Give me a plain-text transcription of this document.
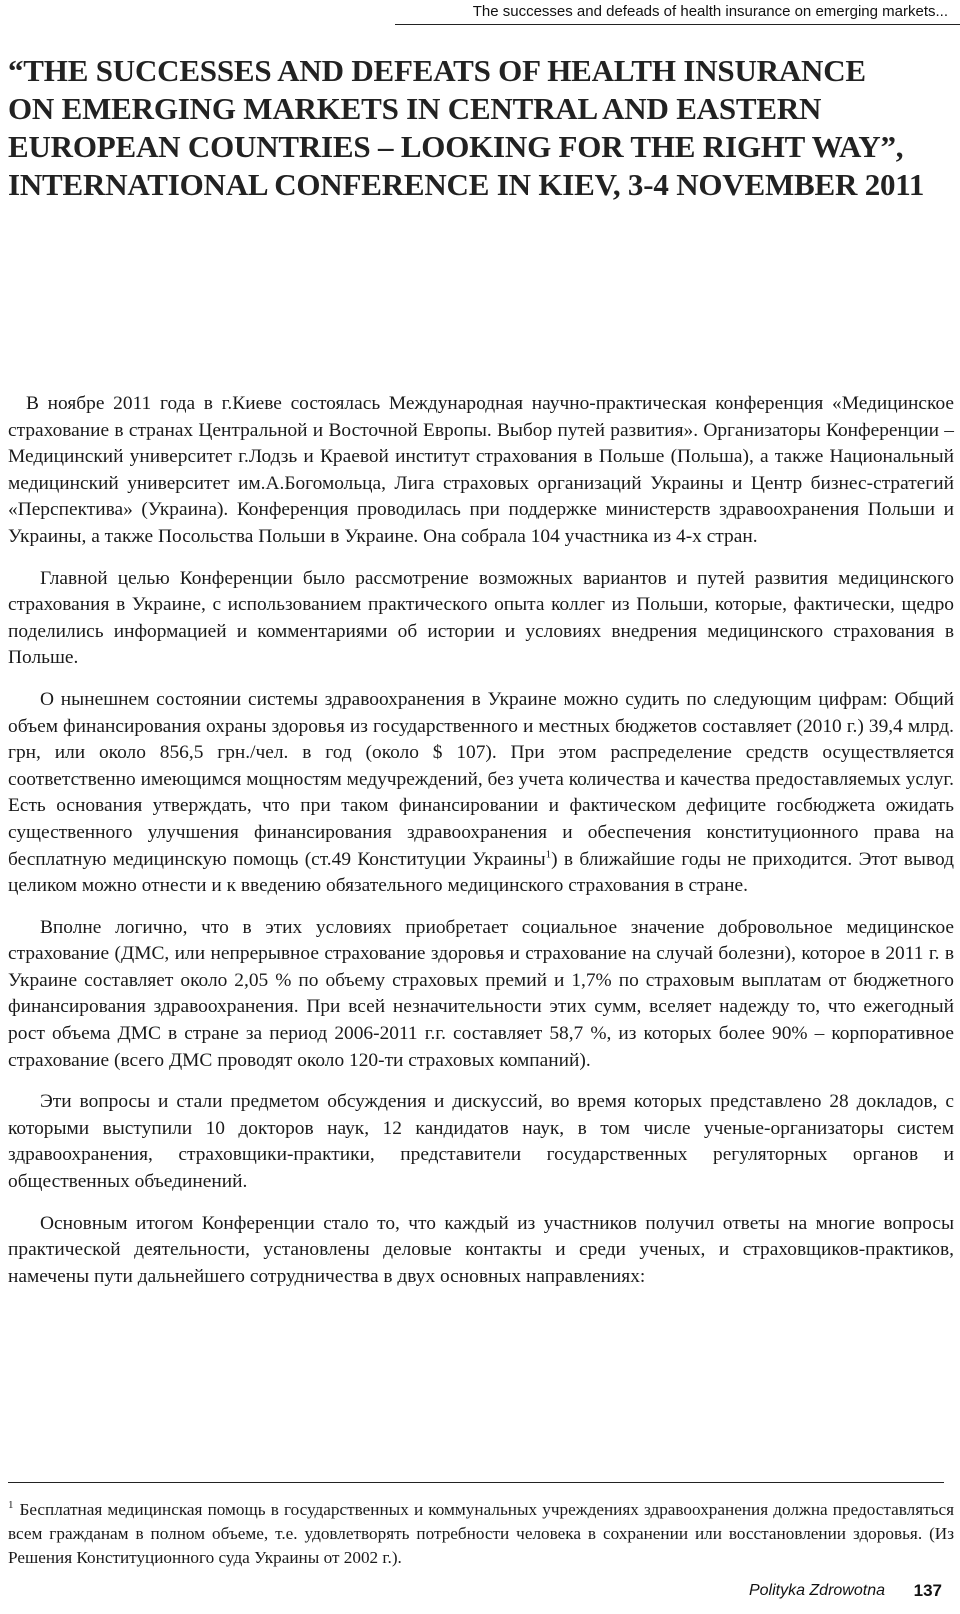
The successes and defeads of health insurance on emerging markets...
“THE SUCCESSES AND DEFEATS OF HEALTH INSURANCE
ON EMERGING MARKETS IN CENTRAL AND EASTERN
EUROPEAN COUNTRIES – LOOKING FOR THE RIGHT WAY”,
INTERNATIONAL CONFERENCE IN KIEV, 3-4 NOVEMBER 2011

В ноябре 2011 года в г.Киеве состоялась Международная научно-практическая конференция «Медицинское страхование в странах Центральной и Восточной Европы. Выбор путей развития». Организаторы Конференции – Медицинский университет г.Лодзь и Краевой институт страхования в Польше (Польша), а также Национальный медицинский университет им.А.Богомольца, Лига страховых организаций Украины и Центр бизнес-стратегий «Перспектива» (Украина). Конференция проводилась при поддержке министерств здравоохранения Польши и Украины, а также Посольства Польши в Украине. Она собрала 104 участника из 4-х стран.

Главной целью Конференции было рассмотрение возможных вариантов и путей развития медицинского страхования в Украине, с использованием практического опыта коллег из Польши, которые, фактически, щедро поделились информацией и комментариями об истории и условиях внедрения медицинского страхования в Польше.

О нынешнем состоянии системы здравоохранения в Украине можно судить по следующим цифрам: Общий объем финансирования охраны здоровья из государственного и местных бюджетов составляет (2010 г.) 39,4 млрд. грн, или около 856,5 грн./чел. в год (около $ 107). При этом распределение средств осуществляется соответственно имеющимся мощностям медучреждений, без учета количества и качества предоставляемых услуг. Есть основания утверждать, что при таком финансировании и фактическом дефиците госбюджета ожидать существенного улучшения финансирования здравоохранения и обеспечения конституционного права на бесплатную медицинскую помощь (ст.49 Конституции Украины$^1$) в ближайшие годы не приходится. Этот вывод целиком можно отнести и к введению обязательного медицинского страхования в стране.

Вполне логично, что в этих условиях приобретает социальное значение добровольное медицинское страхование (ДМС, или непрерывное страхование здоровья и страхование на случай болезни), которое в 2011 г. в Украине составляет около 2,05 % по объему страховых премий и 1,7% по страховым выплатам от бюджетного финансирования здравоохранения. При всей незначительности этих сумм, вселяет надежду то, что ежегодный рост объема ДМС в стране за период 2006-2011 г.г. составляет 58,7 %, из которых более 90% – корпоративное страхование (всего ДМС проводят около 120-ти страховых компаний).

Эти вопросы и стали предметом обсуждения и дискуссий, во время которых представлено 28 докладов, с которыми выступили 10 докторов наук, 12 кандидатов наук, в том числе ученые-организаторы систем здравоохранения, страховщики-практики, представители государственных регуляторных органов и общественных объединений.

Основным итогом Конференции стало то, что каждый из участников получил ответы на многие вопросы практической деятельности, установлены деловые контакты и среди ученых, и страховщиков-практиков, намечены пути дальнейшего сотрудничества в двух основных направлениях:

$^1$ Бесплатная медицинская помощь в государственных и коммунальных учреждениях здравоохранения должна предоставляться всем гражданам в полном объеме, т.е. удовлетворять потребности человека в сохранении или восстановлении здоровья. (Из Решения Конституционного суда Украины от 2002 г.).
Polityka Zdrowotna 137
